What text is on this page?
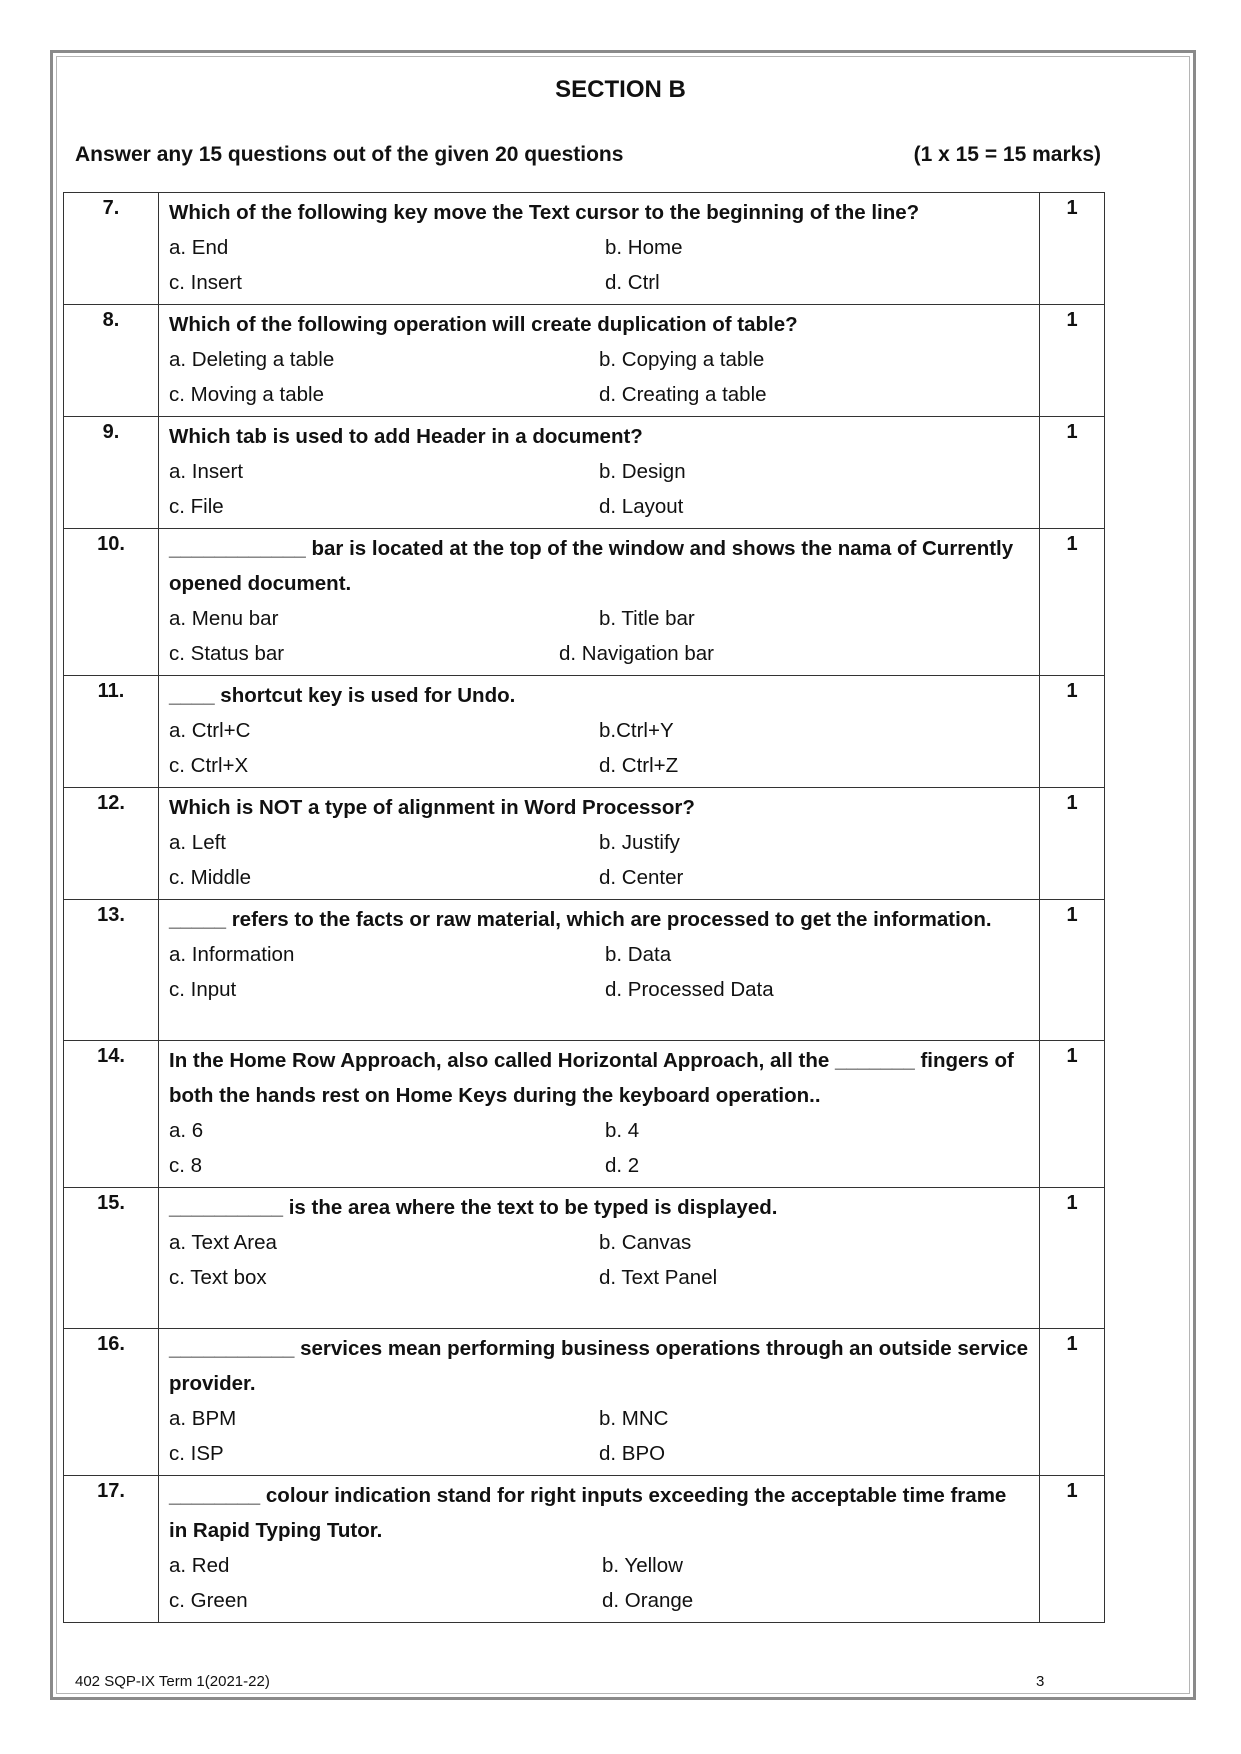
SECTION B
Answer any 15 questions out of the given 20 questions	(1 x 15 = 15 marks)
7.	Which of the following key move the Text cursor to the beginning of the line?
a. End b. Home
c. Insert d. Ctrl	1
8.	Which of the following operation will create duplication of table?
a. Deleting a table b. Copying a table
c. Moving a table d. Creating a table	1
9.	Which tab is used to add Header in a document?
a. Insert b. Design
c. File d. Layout	1
10.	____________ bar is located at the top of the window and shows the nama of Currently opened document.
a. Menu bar b. Title bar
c. Status bar d. Navigation bar	1
11.	____ shortcut key is used for Undo.
a. Ctrl+C b.Ctrl+Y
c. Ctrl+X d. Ctrl+Z	1
12.	Which is NOT a type of alignment in Word Processor?
a. Left b. Justify
c. Middle d. Center	1
13.	_____ refers to the facts or raw material, which are processed to get the information.
a. Information b. Data
c. Input d. Processed Data	1
14.	In the Home Row Approach, also called Horizontal Approach, all the _______ fingers of both the hands rest on Home Keys during the keyboard operation..
a. 6 b. 4
c. 8 d. 2	1
15.	__________ is the area where the text to be typed is displayed.
a. Text Area b. Canvas
c. Text box d. Text Panel	1
16.	___________ services mean performing business operations through an outside service provider.
a. BPM b. MNC
c. ISP d. BPO	1
17.	________ colour indication stand for right inputs exceeding the acceptable time frame in Rapid Typing Tutor.
a. Red b. Yellow
c. Green d. Orange	1
402 SQP-IX Term 1(2021-22)	3
